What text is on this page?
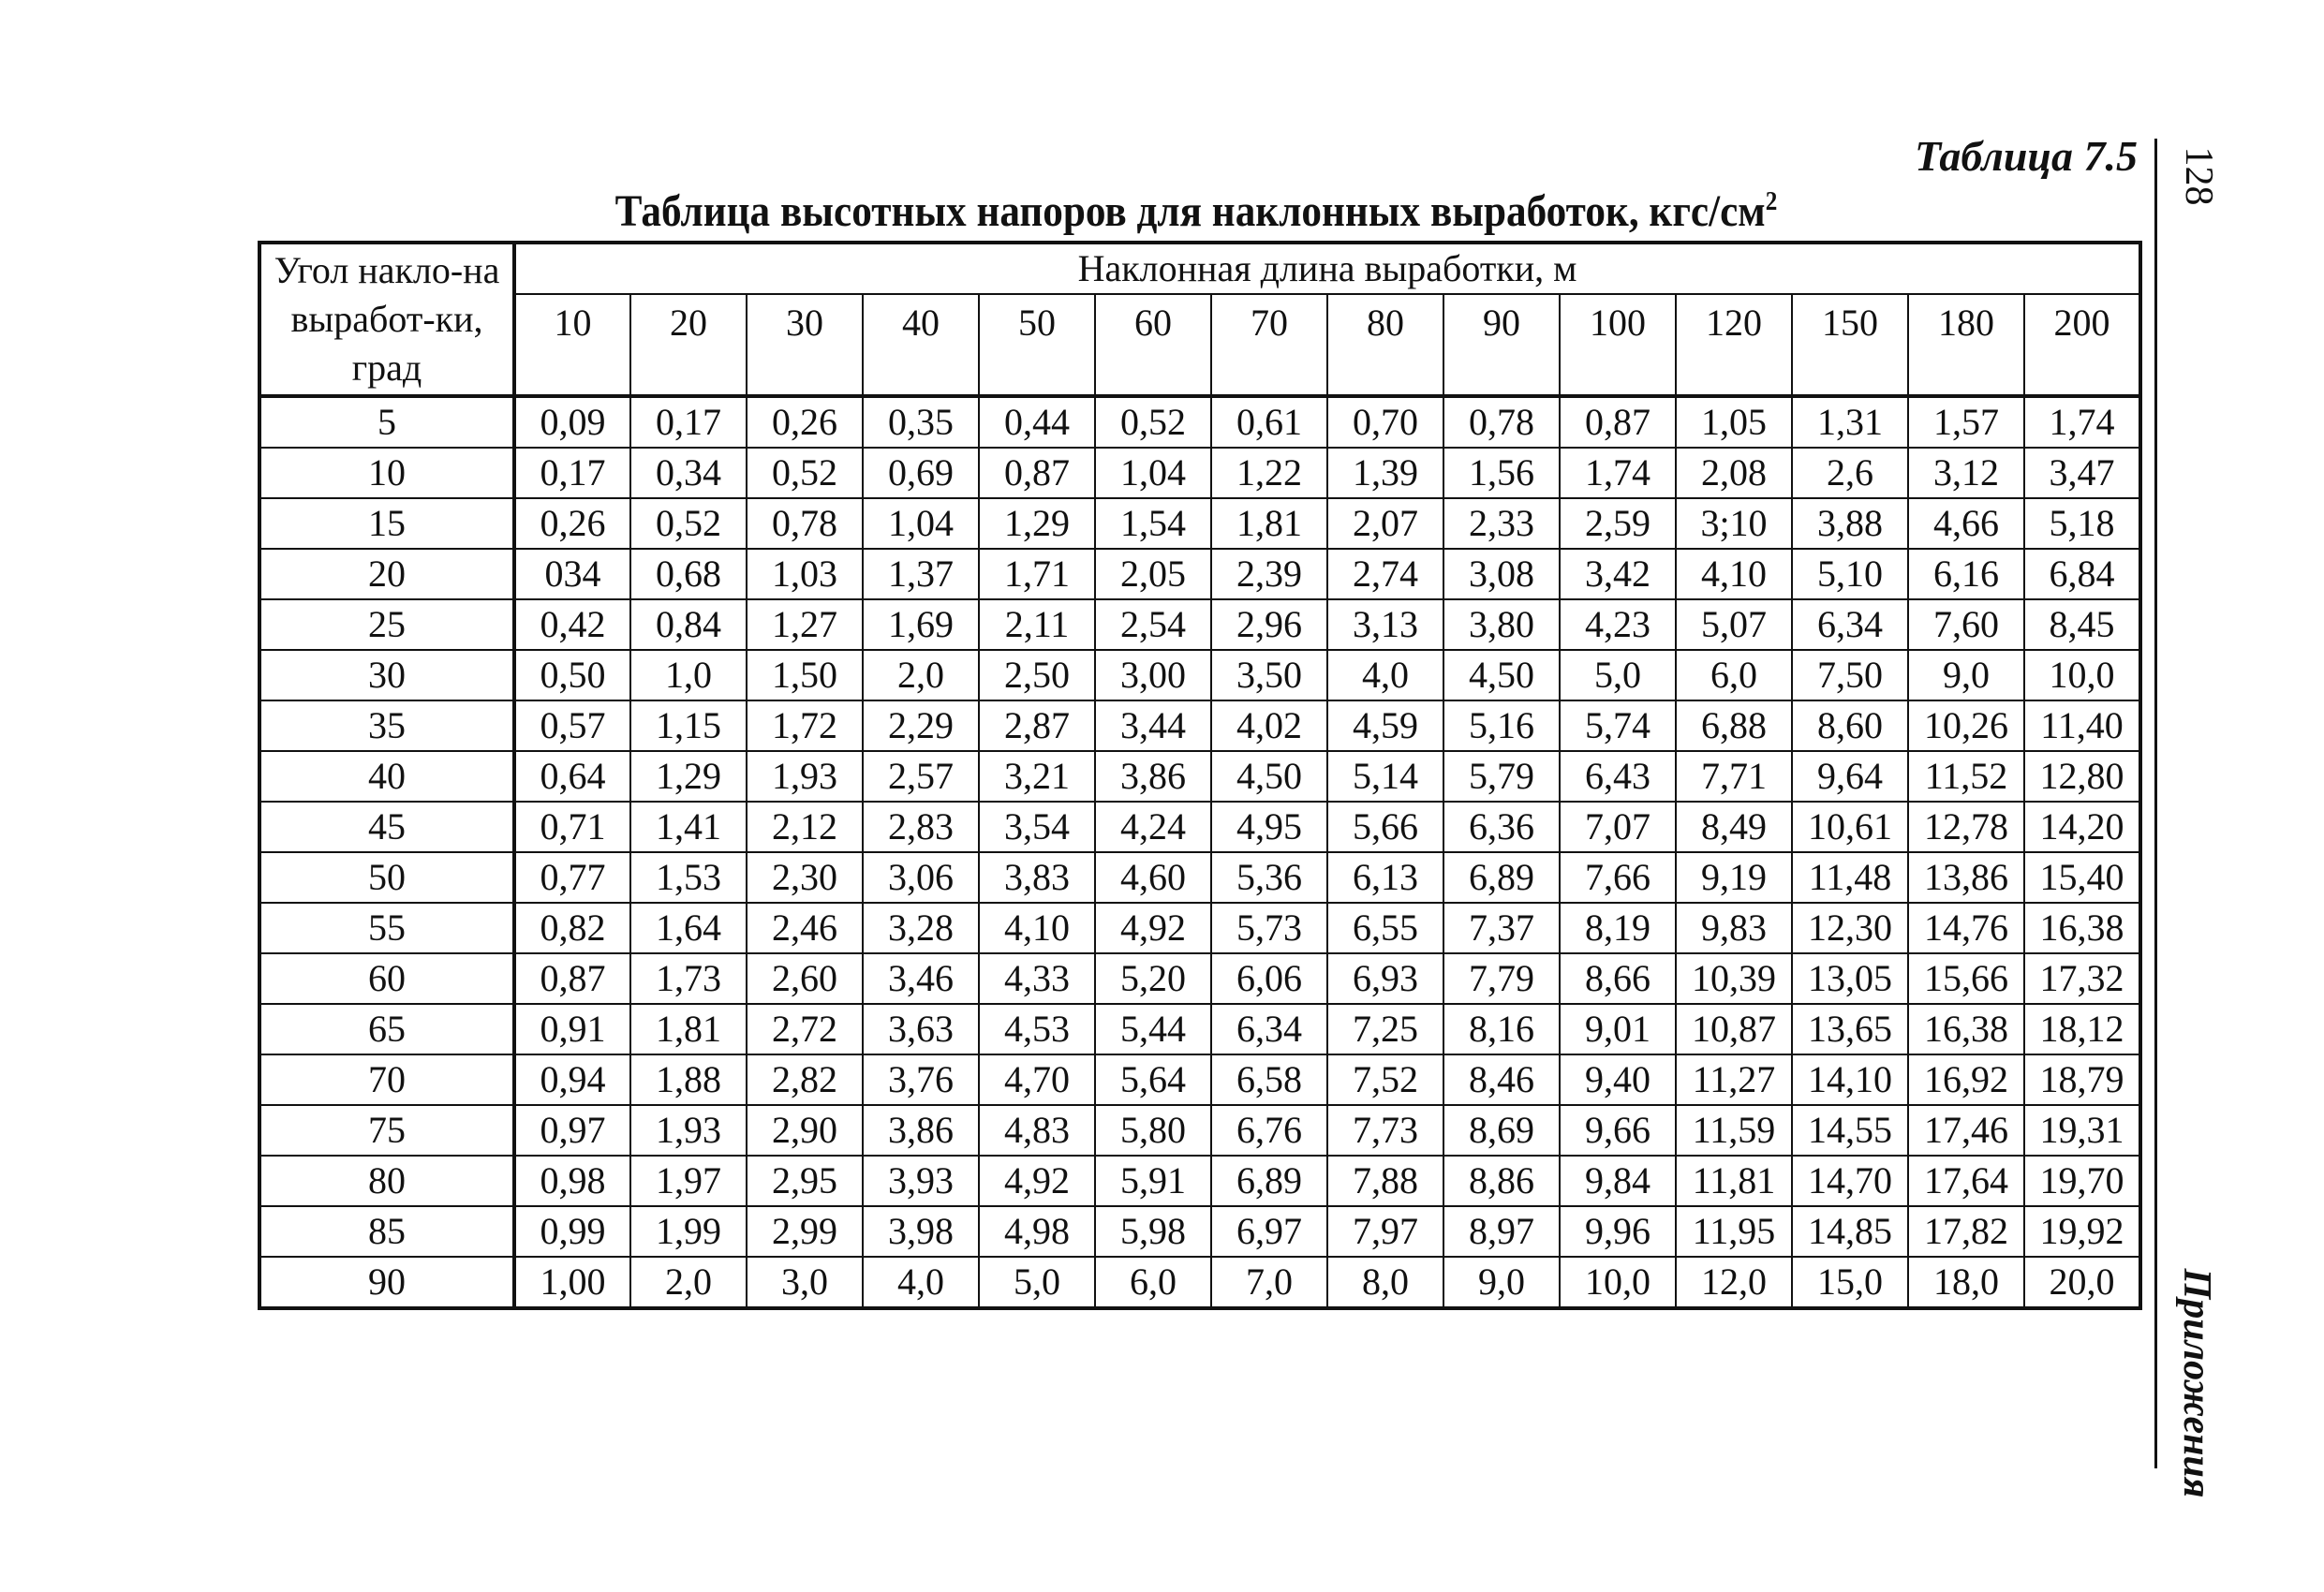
Таблица 7.5
Таблица высотных напоров для наклонных выработок, кгс/$см^2$	128
Приложения
Угол накло-на выработ-ки, град	Наклонная длина выработки, м													
	10	20	30	40	50	60	70	80	90	100	120	150	180	200
5	0,09	0,17	0,26	0,35	0,44	0,52	0,61	0,70	0,78	0,87	1,05	1,31	1,57	1,74
10	0,17	0,34	0,52	0,69	0,87	1,04	1,22	1,39	1,56	1,74	2,08	2,6	3,12	3,47
15	0,26	0,52	0,78	1,04	1,29	1,54	1,81	2,07	2,33	2,59	3;10	3,88	4,66	5,18
20	034	0,68	1,03	1,37	1,71	2,05	2,39	2,74	3,08	3,42	4,10	5,10	6,16	6,84
25	0,42	0,84	1,27	1,69	2,11	2,54	2,96	3,13	3,80	4,23	5,07	6,34	7,60	8,45
30	0,50	1,0	1,50	2,0	2,50	3,00	3,50	4,0	4,50	5,0	6,0	7,50	9,0	10,0
35	0,57	1,15	1,72	2,29	2,87	3,44	4,02	4,59	5,16	5,74	6,88	8,60	10,26	11,40
40	0,64	1,29	1,93	2,57	3,21	3,86	4,50	5,14	5,79	6,43	7,71	9,64	11,52	12,80
45	0,71	1,41	2,12	2,83	3,54	4,24	4,95	5,66	6,36	7,07	8,49	10,61	12,78	14,20
50	0,77	1,53	2,30	3,06	3,83	4,60	5,36	6,13	6,89	7,66	9,19	11,48	13,86	15,40
55	0,82	1,64	2,46	3,28	4,10	4,92	5,73	6,55	7,37	8,19	9,83	12,30	14,76	16,38
60	0,87	1,73	2,60	3,46	4,33	5,20	6,06	6,93	7,79	8,66	10,39	13,05	15,66	17,32
65	0,91	1,81	2,72	3,63	4,53	5,44	6,34	7,25	8,16	9,01	10,87	13,65	16,38	18,12
70	0,94	1,88	2,82	3,76	4,70	5,64	6,58	7,52	8,46	9,40	11,27	14,10	16,92	18,79
75	0,97	1,93	2,90	3,86	4,83	5,80	6,76	7,73	8,69	9,66	11,59	14,55	17,46	19,31
80	0,98	1,97	2,95	3,93	4,92	5,91	6,89	7,88	8,86	9,84	11,81	14,70	17,64	19,70
85	0,99	1,99	2,99	3,98	4,98	5,98	6,97	7,97	8,97	9,96	11,95	14,85	17,82	19,92
90	1,00	2,0	3,0	4,0	5,0	6,0	7,0	8,0	9,0	10,0	12,0	15,0	18,0	20,0
